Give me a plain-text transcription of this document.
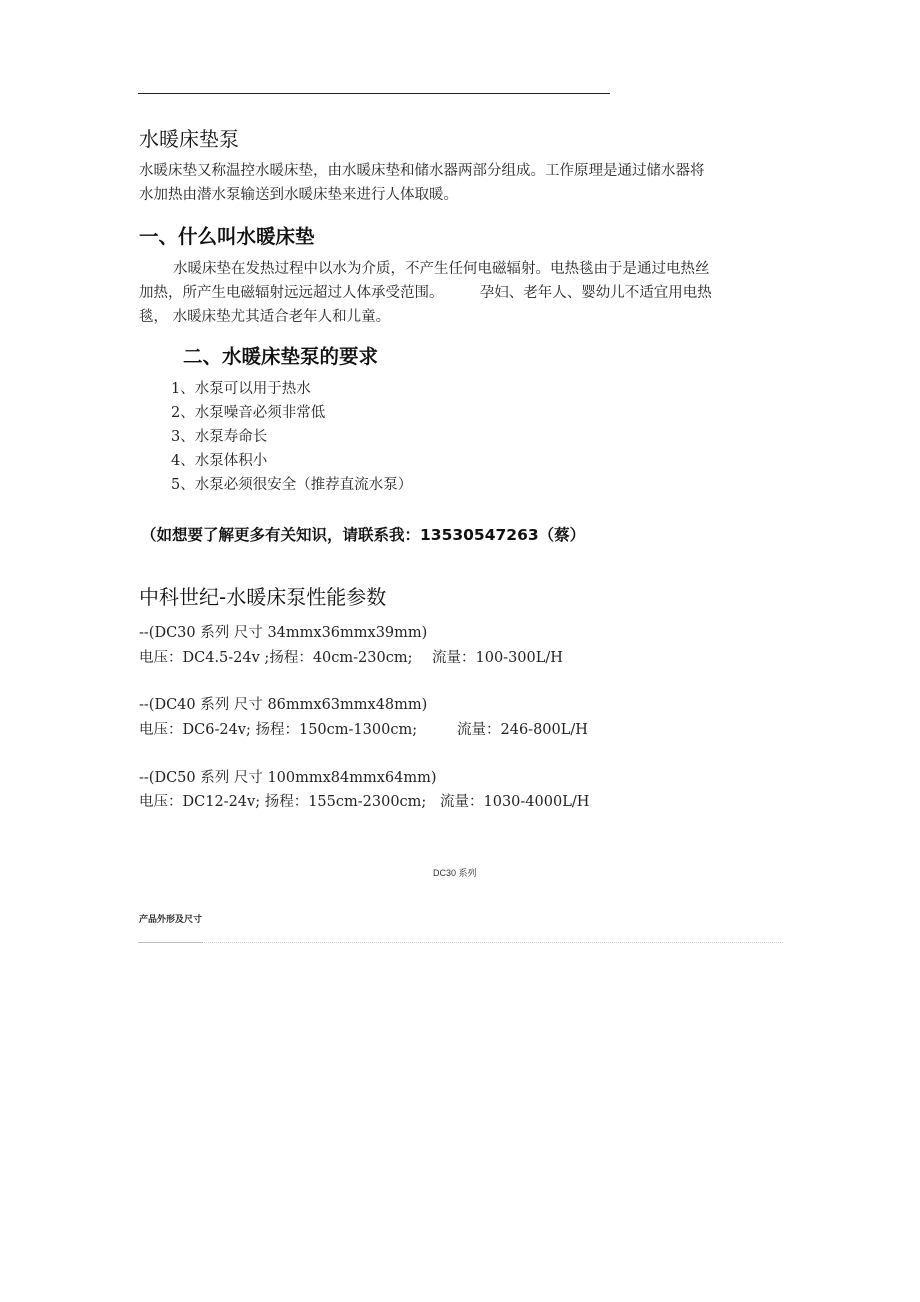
水暖床垫泵
水暖床垫又称温控水暖床垫，由水暖床垫和储水器两部分组成。工作原理是通过储水器将
水加热由潜水泵输送到水暖床垫来进行人体取暖。
一、什么叫水暖床垫
水暖床垫在发热过程中以水为介质，不产生任何电磁辐射。电热毯由于是通过电热丝
加热，所产生电磁辐射远远超过人体承受范围。　　　孕妇、老年人、婴幼儿不适宜用电热
毯， 水暖床垫尤其适合老年人和儿童。
二、水暖床垫泵的要求
1、水泵可以用于热水
2、水泵噪音必须非常低
3、水泵寿命长
4、水泵体积小
5、水泵必须很安全（推荐直流水泵）
（如想要了解更多有关知识，请联系我：13530547263（蔡）
中科世纪-水暖床泵性能参数
--(DC30 系列 尺寸 34mmx36mmx39mm)
电压：DC4.5-24v ;扬程：40cm-230cm; 流量：100-300L/H
--(DC40 系列 尺寸 86mmx63mmx48mm)
电压：DC6-24v; 扬程：150cm-1300cm;	流量：246-800L/H
--(DC50 系列 尺寸 100mmx84mmx64mm)
电压：DC12-24v; 扬程：155cm-2300cm; 流量：1030-4000L/H
DC30 系列
产品外形及尺寸
